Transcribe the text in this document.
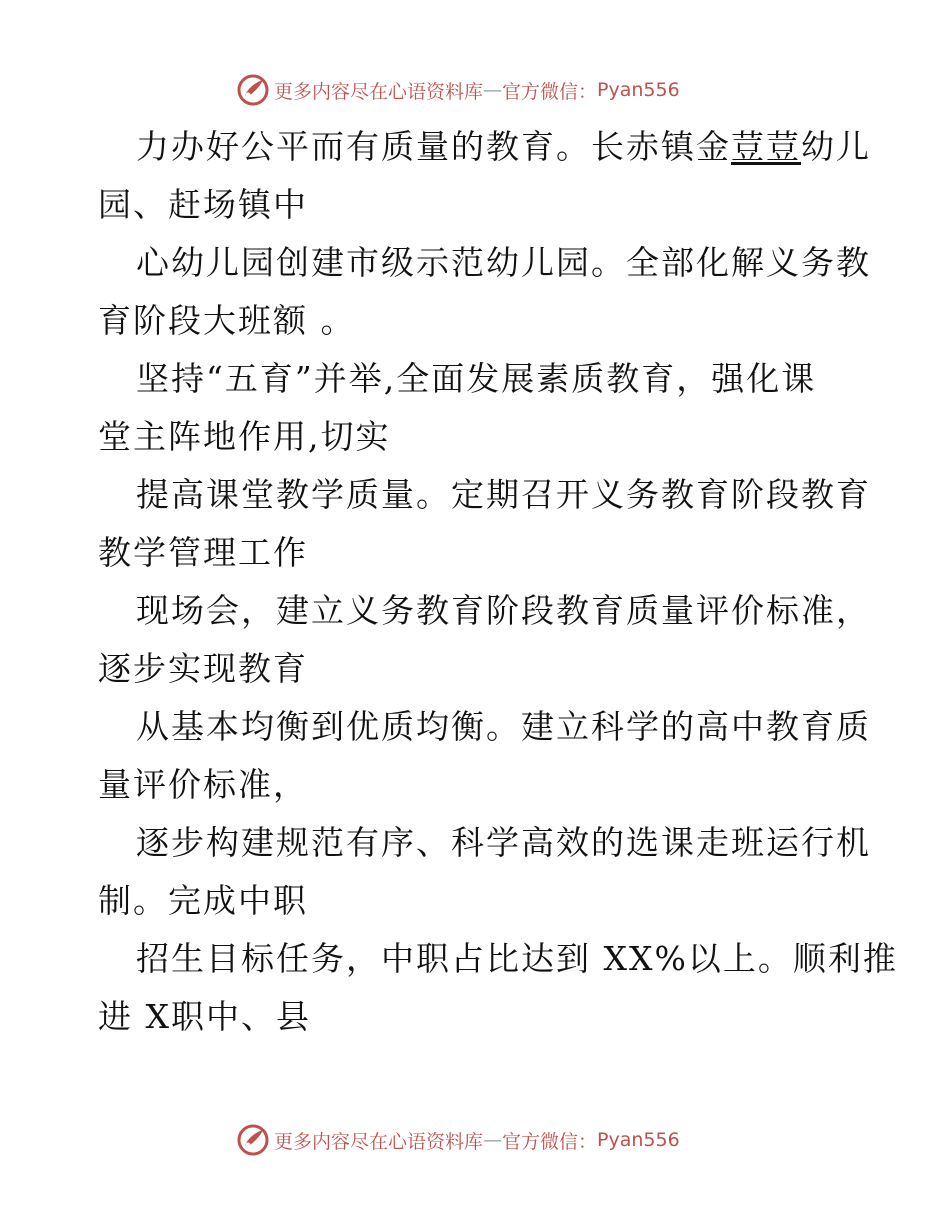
更多内容尽在心语资料库 — 官方微信： Pyan556
力办好公平而有质量的教育。长赤镇金荳荳幼儿
园、赶场镇中
心幼儿园创建市级示范幼儿园。全部化解义务教
育阶段大班额 。
坚持“五育”并举,全面发展素质教育，强化课
堂主阵地作用,切实
提高课堂教学质量。定期召开义务教育阶段教育
教学管理工作
现场会，建立义务教育阶段教育质量评价标准，
逐步实现教育
从基本均衡到优质均衡。建立科学的高中教育质
量评价标准，
逐步构建规范有序、科学高效的选课走班运行机
制。完成中职
招生目标任务，中职占比达到 XX%以上。顺利推
进 X职中、县
更多内容尽在心语资料库 — 官方微信： Pyan556
